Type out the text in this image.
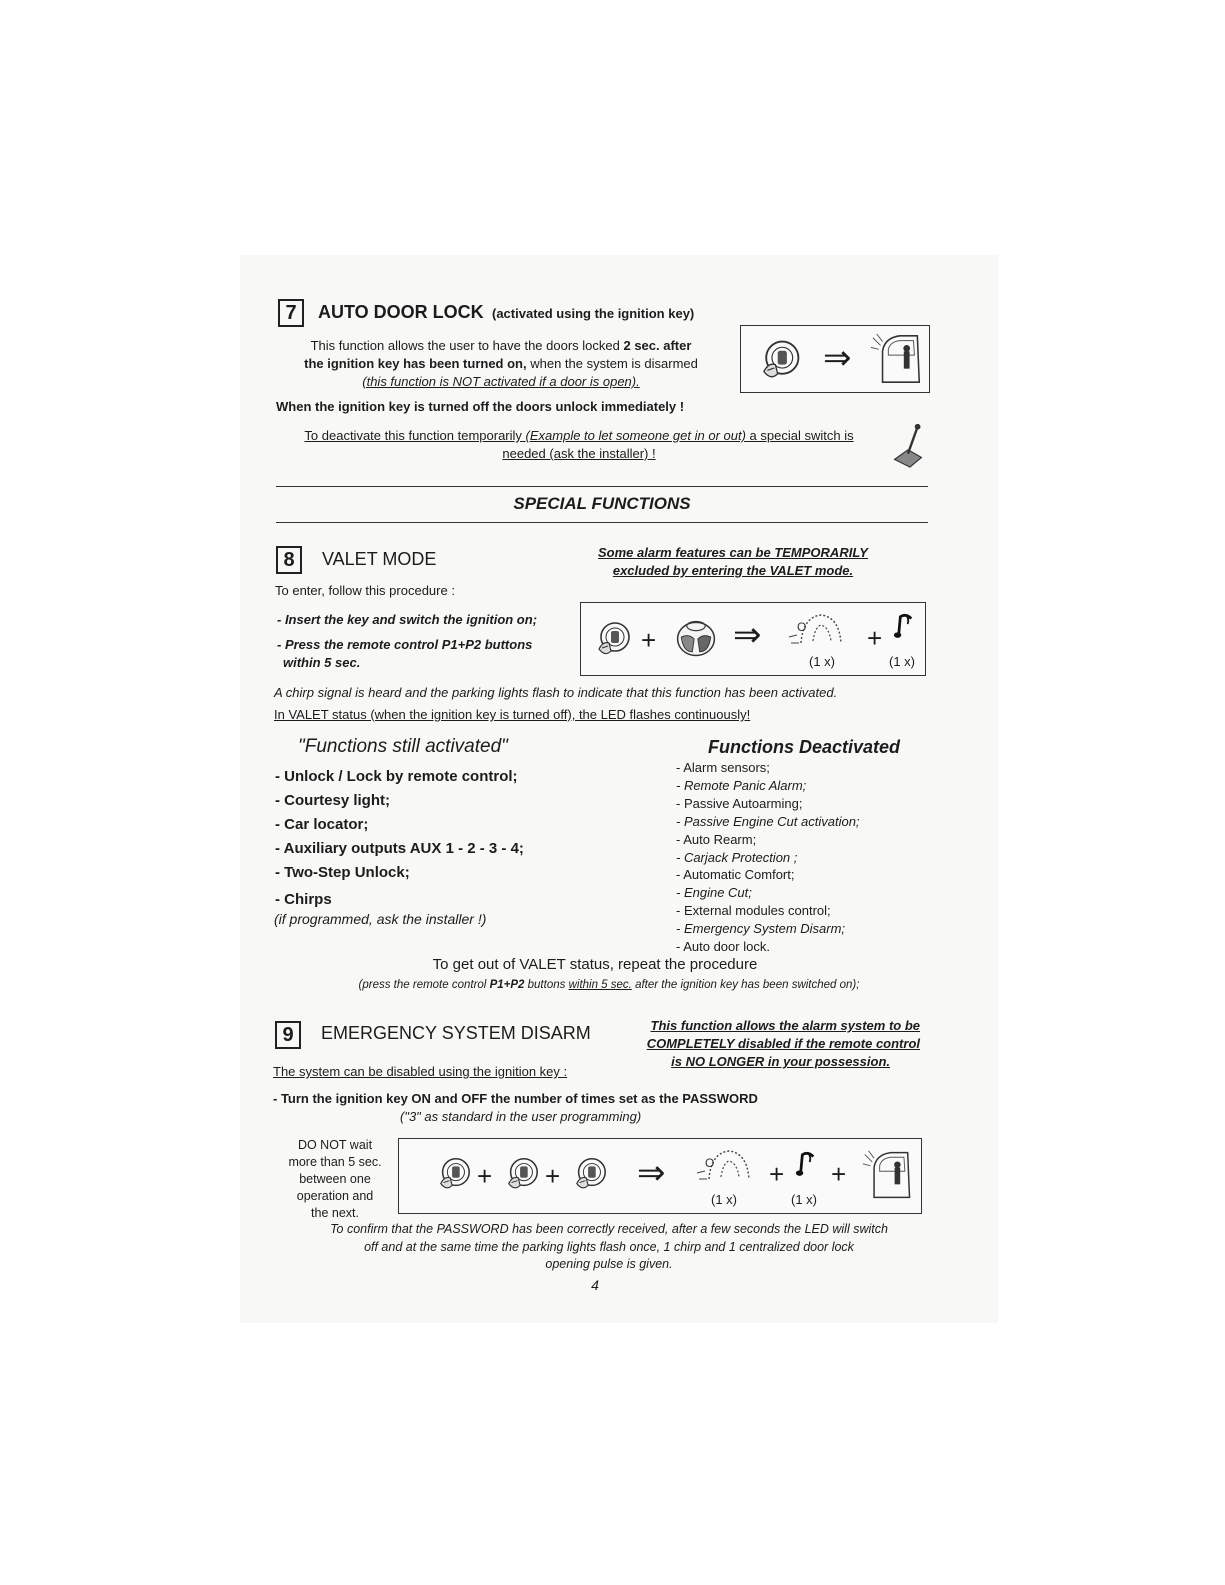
7	AUTO DOOR LOCK (activated using the ignition key)
This function allows the user to have the doors locked 2 sec. after
the ignition key has been turned on, when the system is disarmed
(this function is NOT activated if a door is open).
⇒
When the ignition key is turned off the doors unlock immediately !
To deactivate this function temporarily (Example to let someone get in or out) a special switch is
needed (ask the installer) !
SPECIAL FUNCTIONS
8	VALET MODE	Some alarm features can be TEMPORARILY
excluded by entering the VALET mode.
To enter, follow this procedure :
- Insert the key and switch the ignition on;
- Press the remote control P1+P2 buttons
within 5 sec.
+ ⇒	+
(1 x)	(1 x)
A chirp signal is heard and the parking lights flash to indicate that this function has been activated.
In VALET status (when the ignition key is turned off), the LED flashes continuously!
"Functions still activated"
- Unlock / Lock by remote control;
- Courtesy light;
- Car locator;
- Auxiliary outputs AUX 1 - 2 - 3 - 4;
- Two-Step Unlock;
- Chirps
(if programmed, ask the installer !)
Functions Deactivated
- Alarm sensors;
- Remote Panic Alarm;
- Passive Autoarming;
- Passive Engine Cut activation;
- Auto Rearm;
- Carjack Protection ;
- Automatic Comfort;
- Engine Cut;
- External modules control;
- Emergency System Disarm;
- Auto door lock.
To get out of VALET status, repeat the procedure
(press the remote control P1+P2 buttons within 5 sec. after the ignition key has been switched on);
9	EMERGENCY SYSTEM DISARM	This function allows the alarm system to be
COMPLETELY disabled if the remote control
is NO LONGER in your possession.
The system can be disabled using the ignition key :
- Turn the ignition key ON and OFF the number of times set as the PASSWORD
("3" as standard in the user programming)
DO NOT wait
more than 5 sec.
between one
operation and
the next.
+ + ⇒	+ +
(1 x)	(1 x)
To confirm that the PASSWORD has been correctly received, after a few seconds the LED will switch
off and at the same time the parking lights flash once, 1 chirp and 1 centralized door lock
opening pulse is given.
4
